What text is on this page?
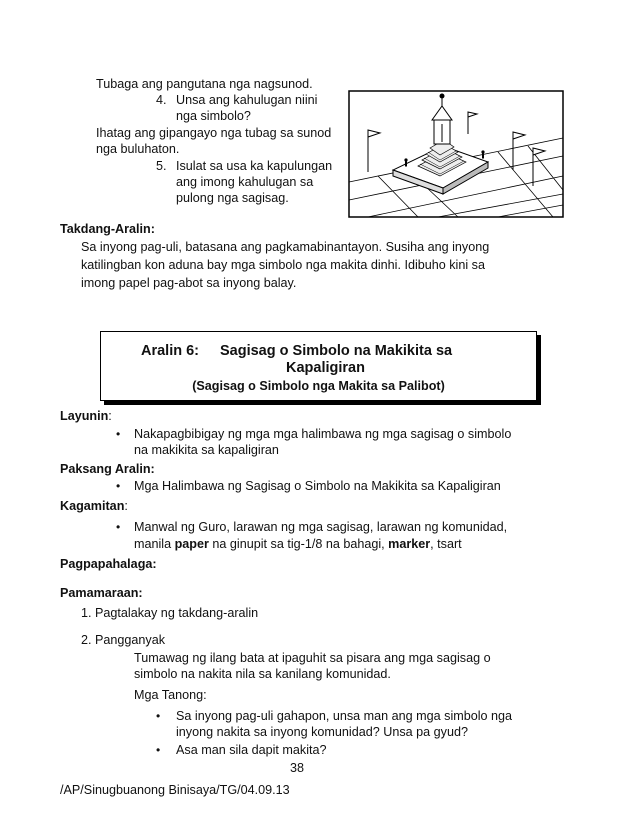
Tubaga ang pangutana nga nagsunod.
4. Unsa ang kahulugan niini
nga simbolo?
Ihatag ang gipangayo nga tubag sa sunod
nga buluhaton.
5. Isulat sa usa ka kapulungan
ang imong kahulugan sa
pulong nga sagisag.
Takdang-Aralin:
Sa inyong pag-uli, batasana ang pagkamabinantayon. Susiha ang inyong
katilingban kon aduna bay mga simbolo nga makita dinhi. Idibuho kini sa
imong papel pag-abot sa inyong balay.
Aralin 6: Sagisag o Simbolo na Makikita sa
Kapaligiran
(Sagisag o Simbolo nga Makita sa Palibot)
Layunin:
• Nakapagbibigay ng mga mga halimbawa ng mga sagisag o simbolo
na makikita sa kapaligiran
Paksang Aralin:
• Mga Halimbawa ng Sagisag o Simbolo na Makikita sa Kapaligiran
Kagamitan:
• Manwal ng Guro, larawan ng mga sagisag, larawan ng komunidad,
manila paper na ginupit sa tig-1/8 na bahagi, marker, tsart
Pagpapahalaga:
Pamamaraan:
1. Pagtalakay ng takdang-aralin
2. Pangganyak
Tumawag ng ilang bata at ipaguhit sa pisara ang mga sagisag o
simbolo na nakita nila sa kanilang komunidad.
Mga Tanong:
• Sa inyong pag-uli gahapon, unsa man ang mga simbolo nga
inyong nakita sa inyong komunidad? Unsa pa gyud?
• Asa man sila dapit makita?
38
/AP/Sinugbuanong Binisaya/TG/04.09.13
